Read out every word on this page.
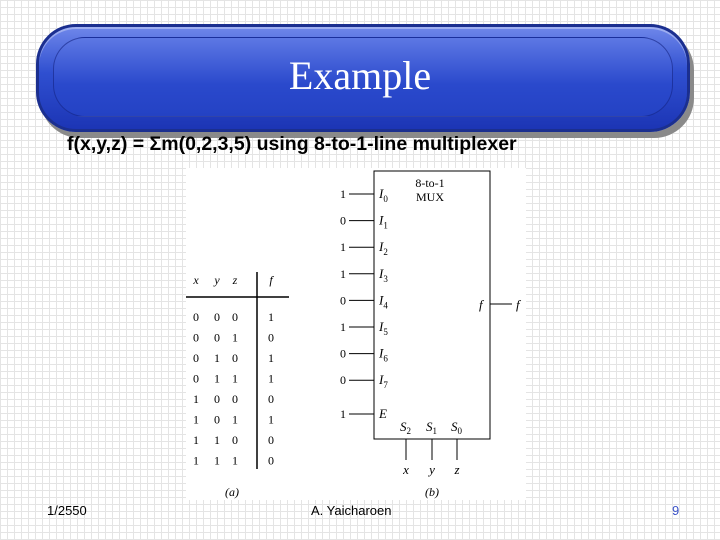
Example
f(x,y,z) = Σm(0,2,3,5) using 8-to-1-line multiplexer
x y z	f
0 0 0	1
0 0 1	0
0 1 0	1
0 1 1	1
1 0 0	0
1 0 1	1
1 1 0	0
1 1 1	0
(a)
8-to-1
MUX
1	$I_0$
0	$I_1$
1	$I_2$
1	$I_3$
0	$I_4$
1	$I_5$
0	$I_6$
0	$I_7$
1	E
$S_2$
x
$S_1$
y
$S_0$
z
f	f
(b)
1/2550	A. Yaicharoen	9
